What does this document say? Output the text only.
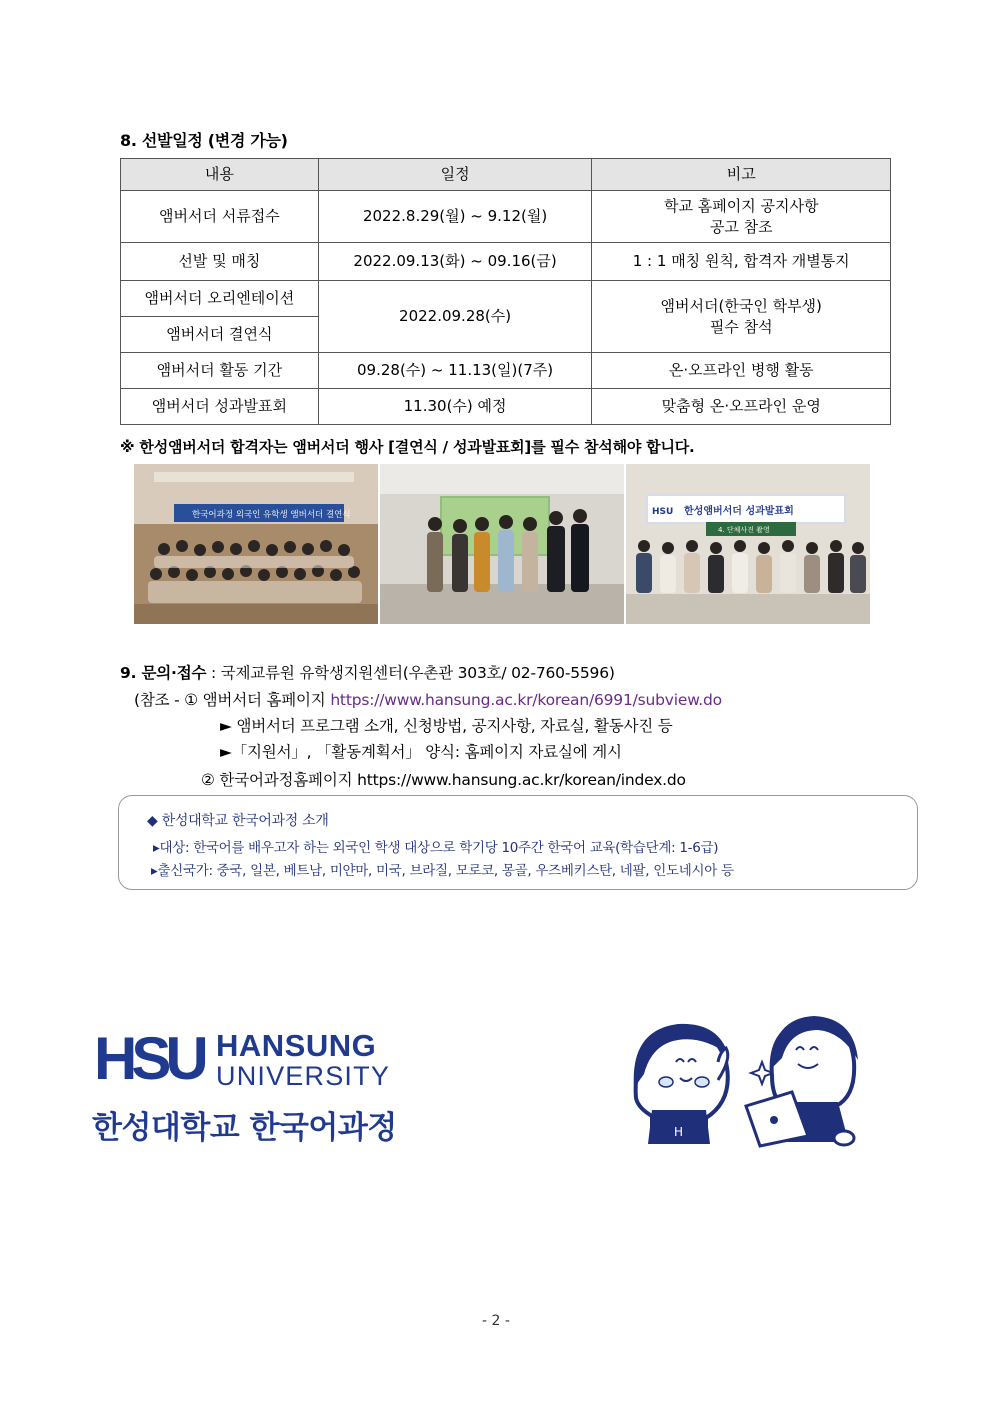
8. 선발일정 (변경 가능)
내용	일정	비고
앰버서더 서류접수	2022.8.29(월) ~ 9.12(월)	학교 홈페이지 공지사항
공고 참조

선발 및 매칭	2022.09.13(화) ~ 09.16(금)	1 : 1 매칭 원칙, 합격자 개별통지
앰버서더 오리엔테이션	2022.09.28(수)	앰버서더(한국인 학부생)
필수 참석

앰버서더 결연식		
앰버서더 활동 기간	09.28(수) ~ 11.13(일)(7주)	온·오프라인 병행 활동
앰버서더 성과발표회	11.30(수) 예정	맞춤형 온·오프라인 운영
※ 한성앰버서더 합격자는 앰버서더 행사 [결연식 / 성과발표회]를 필수 참석해야 합니다.
한국어과정 외국인 유학생 앰버서더 결연식	HSU 한성앰버서더 성과발표회
4. 단체사진 촬영
9. 문의·접수 : 국제교류원 유학생지원센터(우촌관 303호/ 02-760-5596)
(참조 - ① 앰버서더 홈페이지 https://www.hansung.ac.kr/korean/6991/subview.do
► 앰버서더 프로그램 소개, 신청방법, 공지사항, 자료실, 활동사진 등
►「지원서」, 「활동계획서」 양식: 홈페이지 자료실에 게시
② 한국어과정홈페이지 https://www.hansung.ac.kr/korean/index.do
◆ 한성대학교 한국어과정 소개
▸대상: 한국어를 배우고자 하는 외국인 학생 대상으로 학기당 10주간 한국어 교육(학습단계: 1-6급)
▸출신국가: 중국, 일본, 베트남, 미얀마, 미국, 브라질, 모로코, 몽골, 우즈베키스탄, 네팔, 인도네시아 등
HSU HANSUNG
UNIVERSITY
한성대학교 한국어과정	H
- 2 -
